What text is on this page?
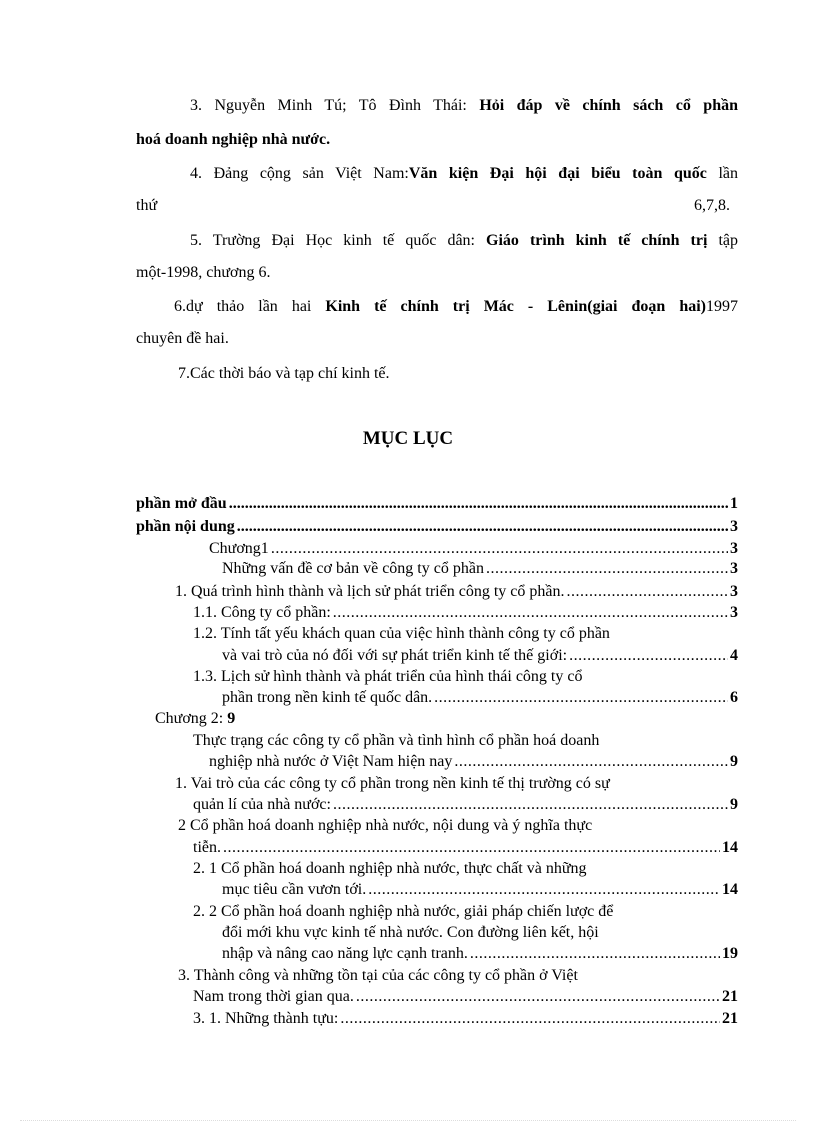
3. Nguyễn Minh Tú; Tô Đình Thái: Hỏi đáp về chính sách cổ phần
hoá doanh nghiệp nhà nước.
4. Đảng cộng sản Việt Nam:Văn kiện Đại hội đại biểu toàn quốc lần
thứ	6,7,8.
5. Trường Đại Học kinh tế quốc dân: Giáo trình kinh tế chính trị tập
một-1998, chương 6.
6.dự thảo lần hai Kinh tế chính trị Mác - Lênin(giai đoạn hai)1997
chuyên đề hai.
7.Các thời báo và tạp chí kinh tế.
MỤC LỤC
phần mở đầu .....	1
phần nội dung .....	3
Chương1 .....	3
Những vấn đề cơ bản về công ty cổ phần .....	3
1. Quá trình hình thành và lịch sử phát triển công ty cổ phần. .....	3
1.1. Công ty cổ phần: .....	3
1.2. Tính tất yếu khách quan của việc hình thành công ty cổ phần
và vai trò của nó đối với sự phát triển kinh tế thế giới: .....	4
1.3. Lịch sử hình thành và phát triển của hình thái công ty cổ
phần trong nền kinh tế quốc dân. .....	6
Chương 2: 9
Thực trạng các công ty cổ phần và tình hình cổ phần hoá doanh
nghiệp nhà nước ở Việt Nam hiện nay .....	9
1. Vai trò của các công ty cổ phần trong nền kinh tế thị trường có sự
quản lí của nhà nước: .....	9
2 Cổ phần hoá doanh nghiệp nhà nước, nội dung và ý nghĩa thực
tiễn. .....	14
2. 1 Cổ phần hoá doanh nghiệp nhà nước, thực chất và những
mục tiêu cần vươn tới. .....	14
2. 2 Cổ phần hoá doanh nghiệp nhà nước, giải pháp chiến lược để
đổi mới khu vực kinh tế nhà nước. Con đường liên kết, hội
nhập và nâng cao năng lực cạnh tranh. .....	19
3. Thành công và những tồn tại của các công ty cổ phần ở Việt
Nam trong thời gian qua. .....	21
3. 1. Những thành tựu: .....	21
